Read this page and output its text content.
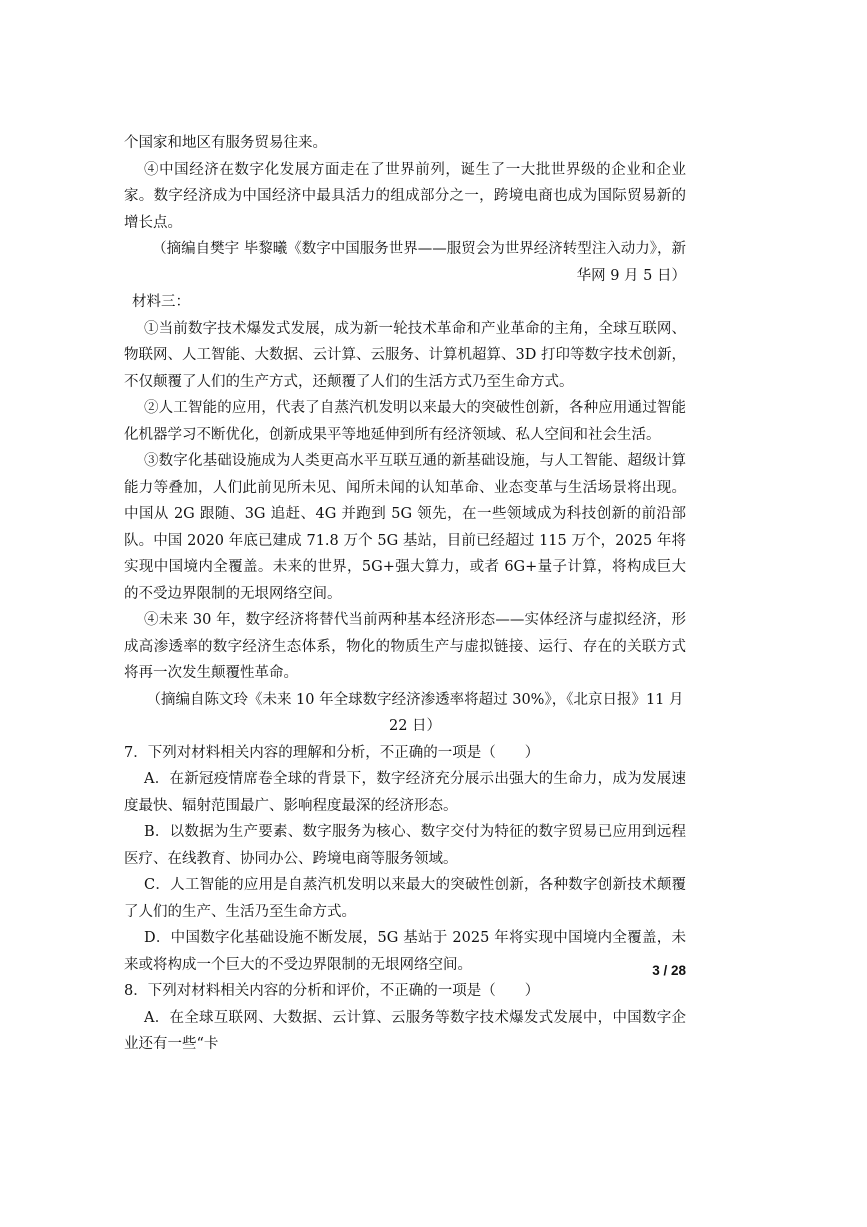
个国家和地区有服务贸易往来。

④中国经济在数字化发展方面走在了世界前列，诞生了一大批世界级的企业和企业家。数字经济成为中国经济中最具活力的组成部分之一，跨境电商也成为国际贸易新的增长点。

（摘编自樊宇 毕黎曦《数字中国服务世界——服贸会为世界经济转型注入动力》，新华网 9 月 5 日）

材料三：

①当前数字技术爆发式发展，成为新一轮技术革命和产业革命的主角，全球互联网、物联网、人工智能、大数据、云计算、云服务、计算机超算、3D 打印等数字技术创新，不仅颠覆了人们的生产方式，还颠覆了人们的生活方式乃至生命方式。

②人工智能的应用，代表了自蒸汽机发明以来最大的突破性创新，各种应用通过智能化机器学习不断优化，创新成果平等地延伸到所有经济领域、私人空间和社会生活。

③数字化基础设施成为人类更高水平互联互通的新基础设施，与人工智能、超级计算能力等叠加，人们此前见所未见、闻所未闻的认知革命、业态变革与生活场景将出现。中国从 2G 跟随、3G 追赶、4G 并跑到 5G 领先，在一些领域成为科技创新的前沿部队。中国 2020 年底已建成 71.8 万个 5G 基站，目前已经超过 115 万个，2025 年将实现中国境内全覆盖。未来的世界，5G+强大算力，或者 6G+量子计算，将构成巨大的不受边界限制的无垠网络空间。

④未来 30 年，数字经济将替代当前两种基本经济形态——实体经济与虚拟经济，形成高渗透率的数字经济生态体系，物化的物质生产与虚拟链接、运行、存在的关联方式将再一次发生颠覆性革命。

（摘编自陈文玲《未来 10 年全球数字经济渗透率将超过 30%》，《北京日报》11 月 22 日）

7．下列对材料相关内容的理解和分析，不正确的一项是（　　）

A．在新冠疫情席卷全球的背景下，数字经济充分展示出强大的生命力，成为发展速度最快、辐射范围最广、影响程度最深的经济形态。

B．以数据为生产要素、数字服务为核心、数字交付为特征的数字贸易已应用到远程医疗、在线教育、协同办公、跨境电商等服务领域。

C．人工智能的应用是自蒸汽机发明以来最大的突破性创新，各种数字创新技术颠覆了人们的生产、生活乃至生命方式。

D．中国数字化基础设施不断发展，5G 基站于 2025 年将实现中国境内全覆盖，未来或将构成一个巨大的不受边界限制的无垠网络空间。

8．下列对材料相关内容的分析和评价，不正确的一项是（　　）

A．在全球互联网、大数据、云计算、云服务等数字技术爆发式发展中，中国数字企业还有一些“卡

3 / 28
